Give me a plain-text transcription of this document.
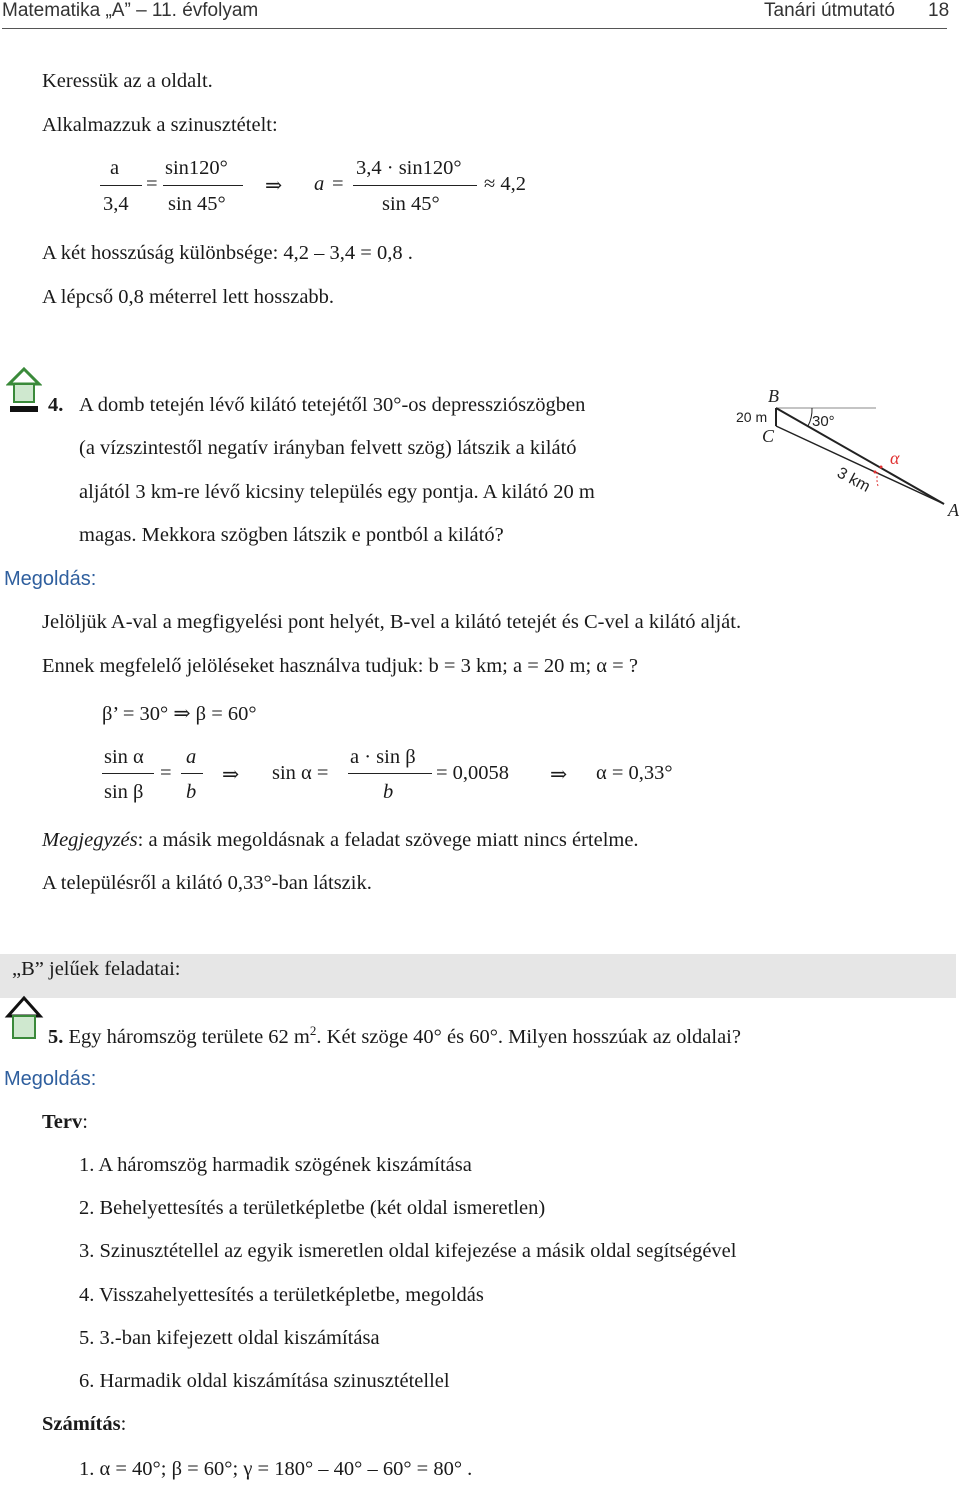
Matematika „A” – 11. évfolyam	Tanári útmutató 18
Keressük az a oldalt.
Alkalmazzuk a szinusztételt:
a
3,4
=
sin120°
sin 45°
⇒ a =
3,4 · sin120°
sin 45°
≈ 4,2
A két hosszúság különbsége: 4,2 – 3,4 = 0,8 .
A lépcső 0,8 méterrel lett hosszabb.
4. A domb tetején lévő kilátó tetejétől 30°-os depressziószögben
(a vízszintestől negatív irányban felvett szög) látszik a kilátó
aljától 3 km-re lévő kicsiny település egy pontja. A kilátó 20 m
magas. Mekkora szögben látszik e pontból a kilátó?
B
C
A
20 m	30°
α
3 km
Megoldás:
Jelöljük A-val a megfigyelési pont helyét, B-vel a kilátó tetejét és C-vel a kilátó alját.
Ennek megfelelő jelöléseket használva tudjuk: b = 3 km; a = 20 m; α = ?
β’ = 30° ⇒ β = 60°
sin α
sin β
=
a
b
⇒ sin α =
a · sin β
b
= 0,0058 ⇒ α = 0,33°
Megjegyzés: a másik megoldásnak a feladat szövege miatt nincs értelme.
A településről a kilátó 0,33°-ban látszik.
„B” jelűek feladatai:
5. Egy háromszög területe 62 $m^2$. Két szöge 40° és 60°. Milyen hosszúak az oldalai?
Megoldás:
Terv:
1. A háromszög harmadik szögének kiszámítása
2. Behelyettesítés a területképletbe (két oldal ismeretlen)
3. Szinusztétellel az egyik ismeretlen oldal kifejezése a másik oldal segítségével
4. Visszahelyettesítés a területképletbe, megoldás
5. 3.-ban kifejezett oldal kiszámítása
6. Harmadik oldal kiszámítása szinusztétellel
Számítás:
1. α = 40°; β = 60°; γ = 180° – 40° – 60° = 80° .
